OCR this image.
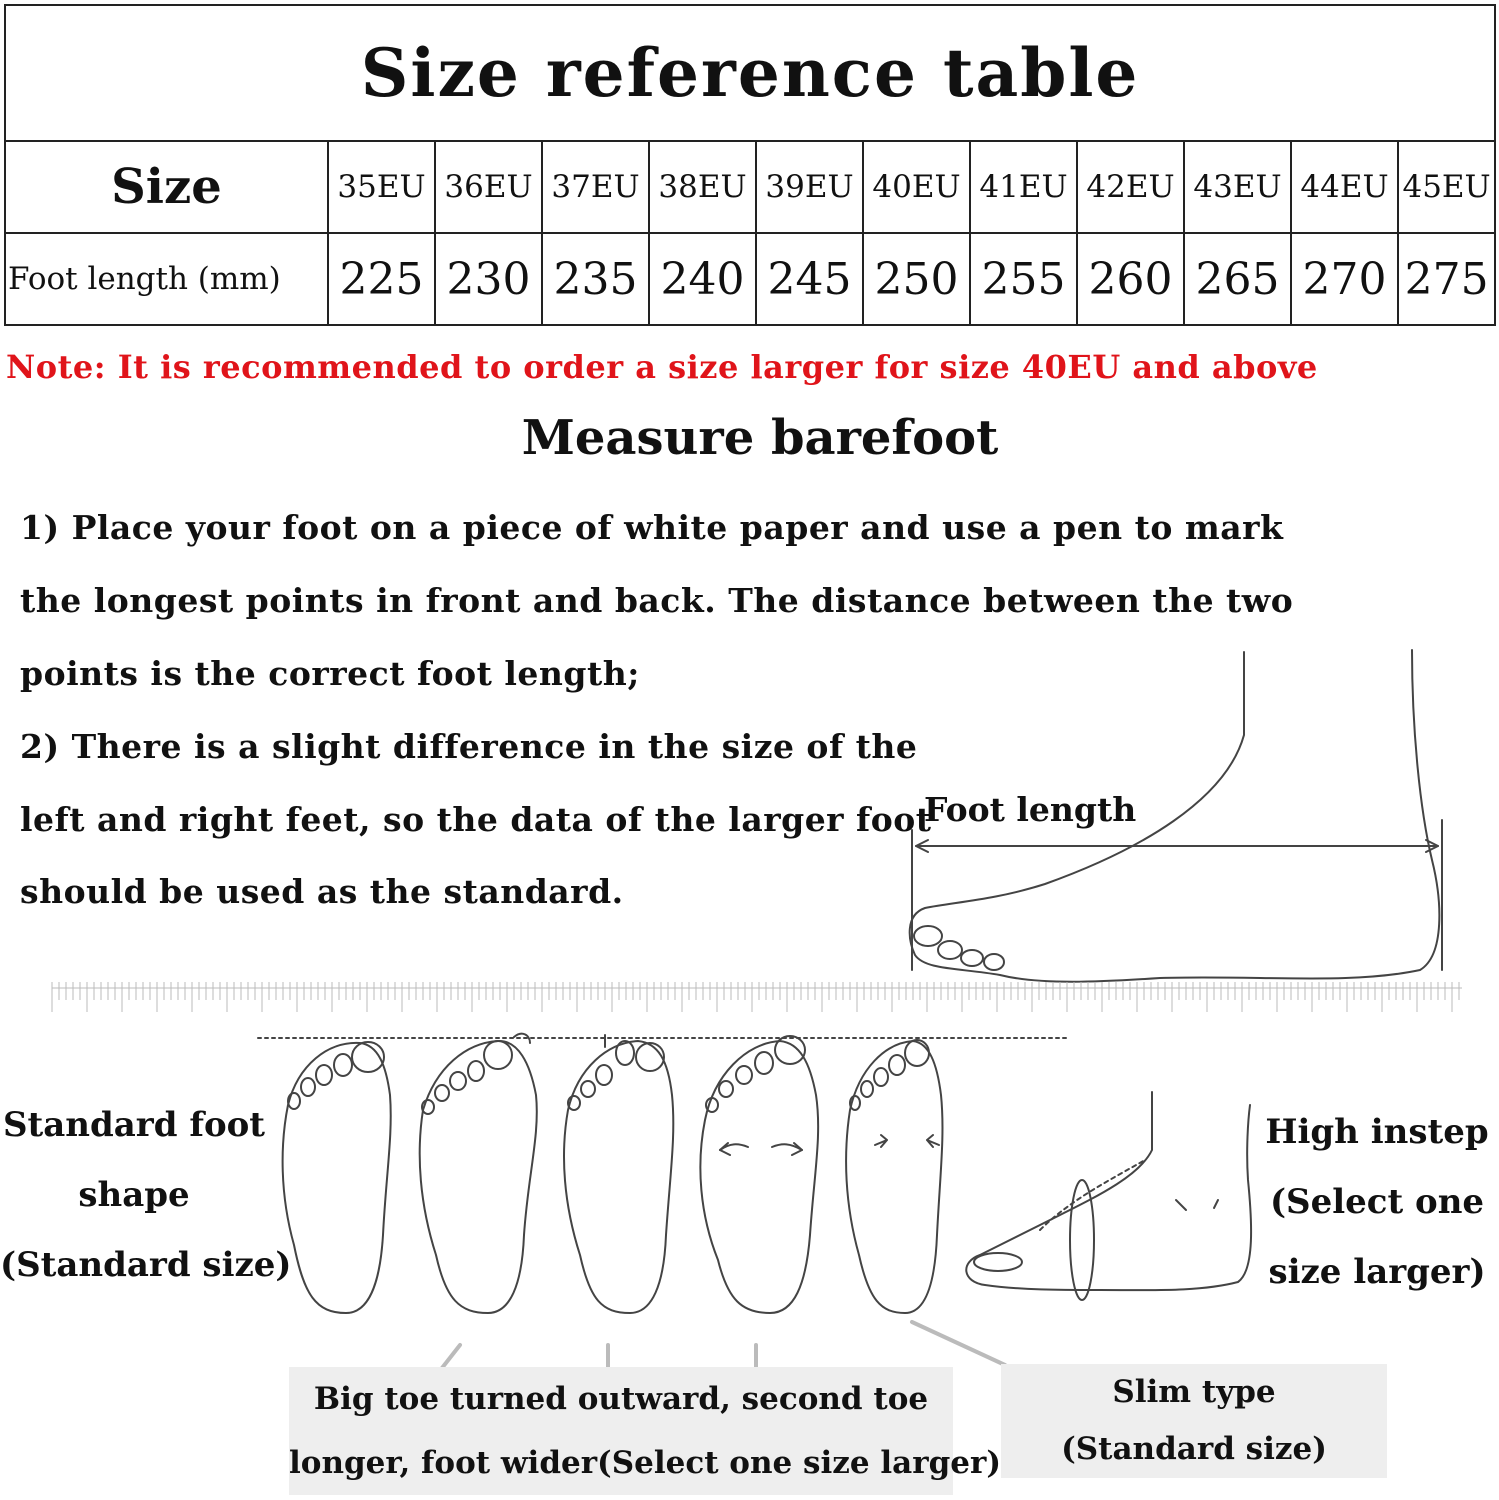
Size reference table											
Size	35EU	36EU	37EU	38EU	39EU	40EU	41EU	42EU	43EU	44EU	45EU
Foot length (mm)	225	230	235	240	245	250	255	260	265	270	275
Note: It is recommended to order a size larger for size 40EU and above
Measure barefoot
1) Place your foot on a piece of white paper and use a pen to mark
the longest points in front and back. The distance between the two
points is the correct foot length;
2) There is a slight difference in the size of the
left and right feet, so the data of the larger foot
should be used as the standard.
Foot length
Standard foot
shape
(Standard size)
High instep
(Select one
size larger)
Big toe turned outward, second toe
longer, foot wider(Select one size larger)
Slim type
(Standard size)
